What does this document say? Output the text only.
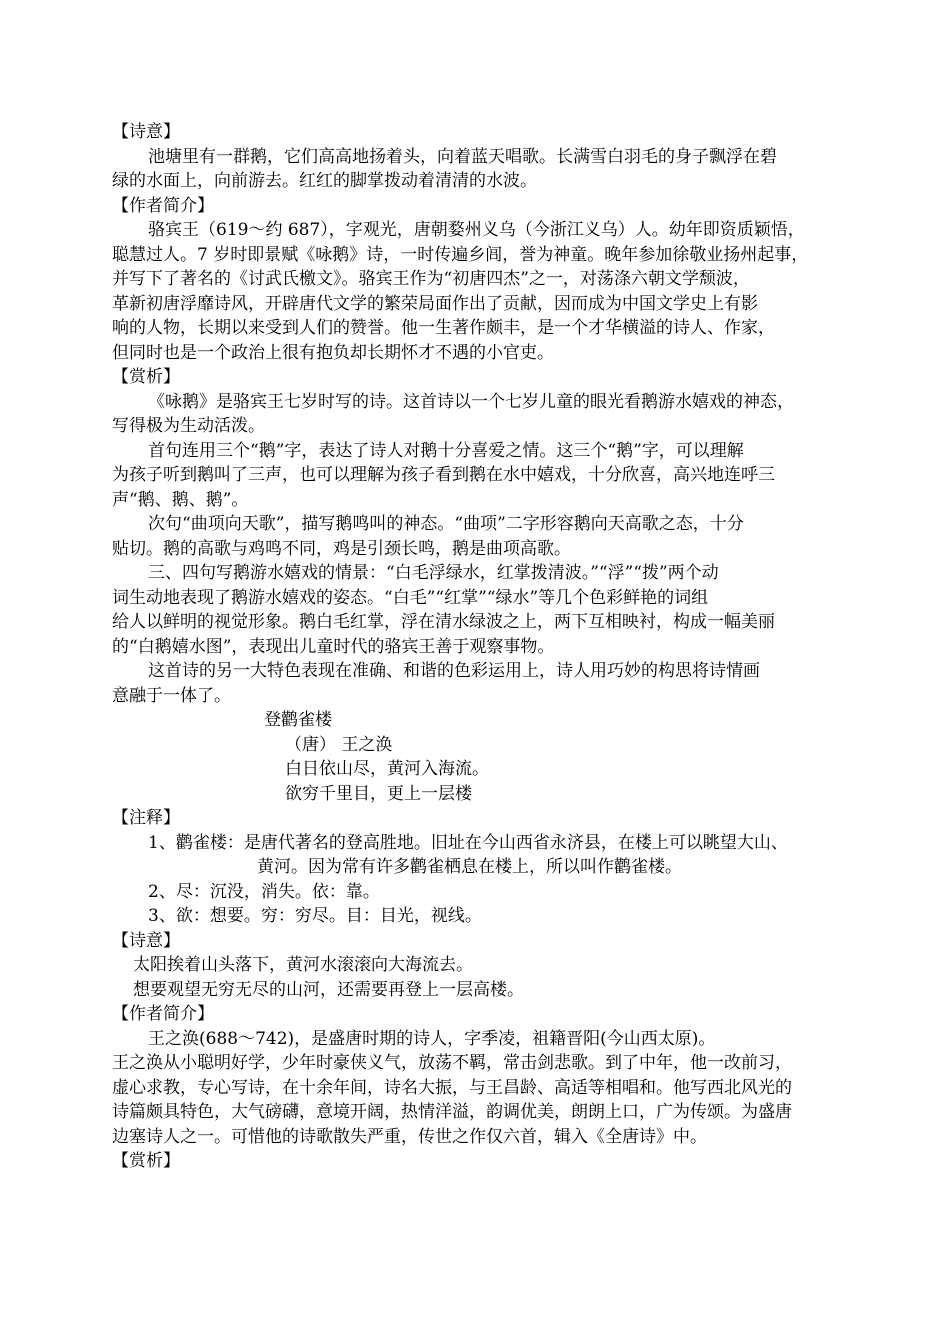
【诗意】
池塘里有一群鹅，它们高高地扬着头，向着蓝天唱歌。长满雪白羽毛的身子飘浮在碧
绿的水面上，向前游去。红红的脚掌拨动着清清的水波。
【作者简介】
骆宾王（619～约 687），字观光，唐朝婺州义乌（今浙江义乌）人。幼年即资质颖悟，
聪慧过人。7 岁时即景赋《咏鹅》诗，一时传遍乡闾，誉为神童。晚年参加徐敬业扬州起事，
并写下了著名的《讨武氏檄文》。骆宾王作为“初唐四杰”之一，对荡涤六朝文学颓波，
革新初唐浮靡诗风，开辟唐代文学的繁荣局面作出了贡献，因而成为中国文学史上有影
响的人物，长期以来受到人们的赞誉。他一生著作颇丰，是一个才华横溢的诗人、作家，
但同时也是一个政治上很有抱负却长期怀才不遇的小官吏。
【赏析】
《咏鹅》是骆宾王七岁时写的诗。这首诗以一个七岁儿童的眼光看鹅游水嬉戏的神态，
写得极为生动活泼。
首句连用三个“鹅”字，表达了诗人对鹅十分喜爱之情。这三个“鹅”字，可以理解
为孩子听到鹅叫了三声，也可以理解为孩子看到鹅在水中嬉戏，十分欣喜，高兴地连呼三
声“鹅、鹅、鹅”。
次句“曲项向天歌”，描写鹅鸣叫的神态。“曲项”二字形容鹅向天高歌之态，十分
贴切。鹅的高歌与鸡鸣不同，鸡是引颈长鸣，鹅是曲项高歌。
三、四句写鹅游水嬉戏的情景：“白毛浮绿水，红掌拨清波。”“浮”“拨”两个动
词生动地表现了鹅游水嬉戏的姿态。“白毛”“红掌”“绿水”等几个色彩鲜艳的词组
给人以鲜明的视觉形象。鹅白毛红掌，浮在清水绿波之上，两下互相映衬，构成一幅美丽
的“白鹅嬉水图”，表现出儿童时代的骆宾王善于观察事物。
这首诗的另一大特色表现在准确、和谐的色彩运用上，诗人用巧妙的构思将诗情画
意融于一体了。
登鹳雀楼
（唐） 王之涣
白日依山尽，黄河入海流。
欲穷千里目，更上一层楼
【注释】
1、鹳雀楼：是唐代著名的登高胜地。旧址在今山西省永济县，在楼上可以眺望大山、
黄河。因为常有许多鹳雀栖息在楼上，所以叫作鹳雀楼。
2、尽：沉没，消失。依：靠。
3、欲：想要。穷：穷尽。目：目光，视线。
【诗意】
太阳挨着山头落下，黄河水滚滚向大海流去。
想要观望无穷无尽的山河，还需要再登上一层高楼。
【作者简介】
王之涣(688～742)，是盛唐时期的诗人，字季凌，祖籍晋阳(今山西太原)。
王之涣从小聪明好学，少年时豪侠义气，放荡不羁，常击剑悲歌。到了中年，他一改前习，
虚心求教，专心写诗，在十余年间，诗名大振，与王昌龄、高适等相唱和。他写西北风光的
诗篇颇具特色，大气磅礴，意境开阔，热情洋溢，韵调优美，朗朗上口，广为传颂。为盛唐
边塞诗人之一。可惜他的诗歌散失严重，传世之作仅六首，辑入《全唐诗》中。
【赏析】
